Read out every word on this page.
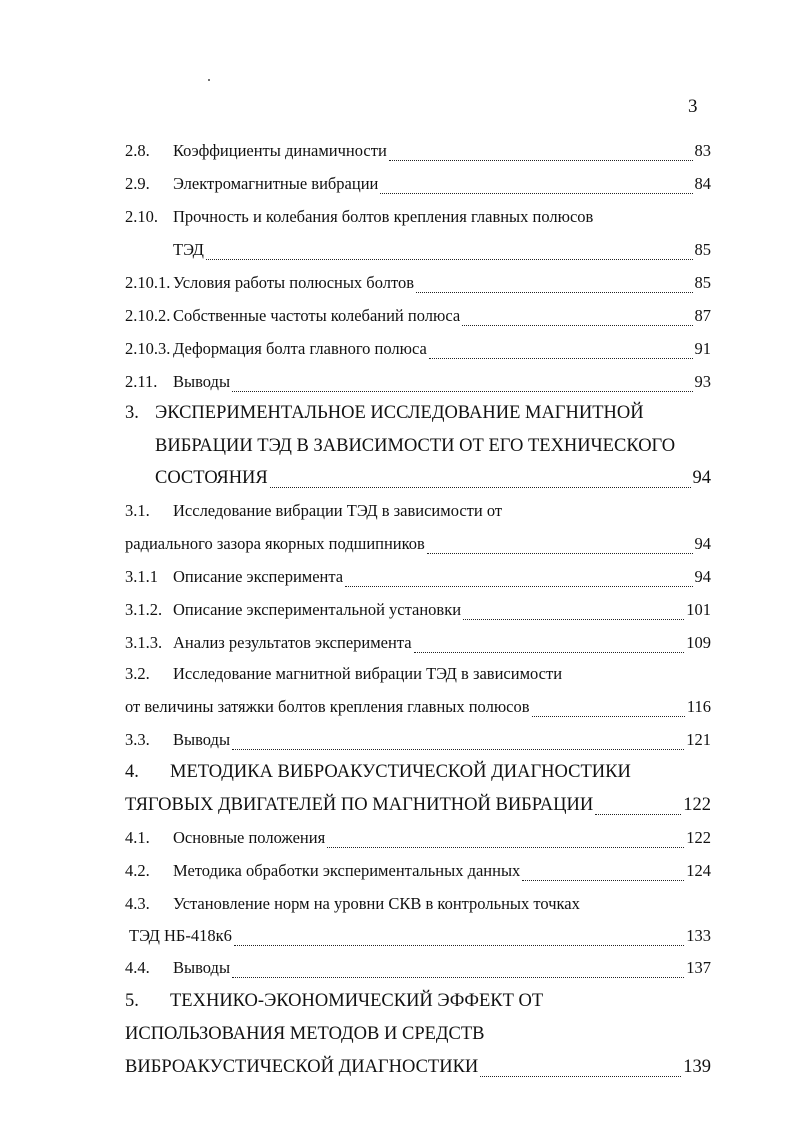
3
2.8.	Коэффициенты динамичности	83
2.9.	Электромагнитные вибрации	84
2.10. Прочность и колебания болтов крепления главных полюсов
ТЭД	85
2.10.1. Условия работы полюсных болтов	85
2.10.2. Собственные частоты колебаний полюса	87
2.10.3. Деформация болта главного полюса	91
2.11. Выводы	93
3. ЭКСПЕРИМЕНТАЛЬНОЕ ИССЛЕДОВАНИЕ МАГНИТНОЙ
ВИБРАЦИИ ТЭД В ЗАВИСИМОСТИ ОТ ЕГО ТЕХНИЧЕСКОГО
СОСТОЯНИЯ	94
3.1.	Исследование вибрации ТЭД в зависимости от
радиального зазора якорных подшипников	94
3.1.1 Описание эксперимента	94
3.1.2. Описание экспериментальной установки	101
3.1.3. Анализ результатов эксперимента	109
3.2.	Исследование магнитной вибрации ТЭД в зависимости
от величины затяжки болтов крепления главных полюсов	116
3.3.	Выводы	121
4.	МЕТОДИКА ВИБРОАКУСТИЧЕСКОЙ ДИАГНОСТИКИ
ТЯГОВЫХ ДВИГАТЕЛЕЙ ПО МАГНИТНОЙ ВИБРАЦИИ	122
4.1.	Основные положения	122
4.2.	Методика обработки экспериментальных данных	124
4.3.	Установление норм на уровни СКВ в контрольных точках
ТЭД НБ-418к6	133
4.4.	Выводы	137
5.	ТЕХНИКО-ЭКОНОМИЧЕСКИЙ ЭФФЕКТ ОТ
ИСПОЛЬЗОВАНИЯ МЕТОДОВ И СРЕДСТВ
ВИБРОАКУСТИЧЕСКОЙ ДИАГНОСТИКИ	139
